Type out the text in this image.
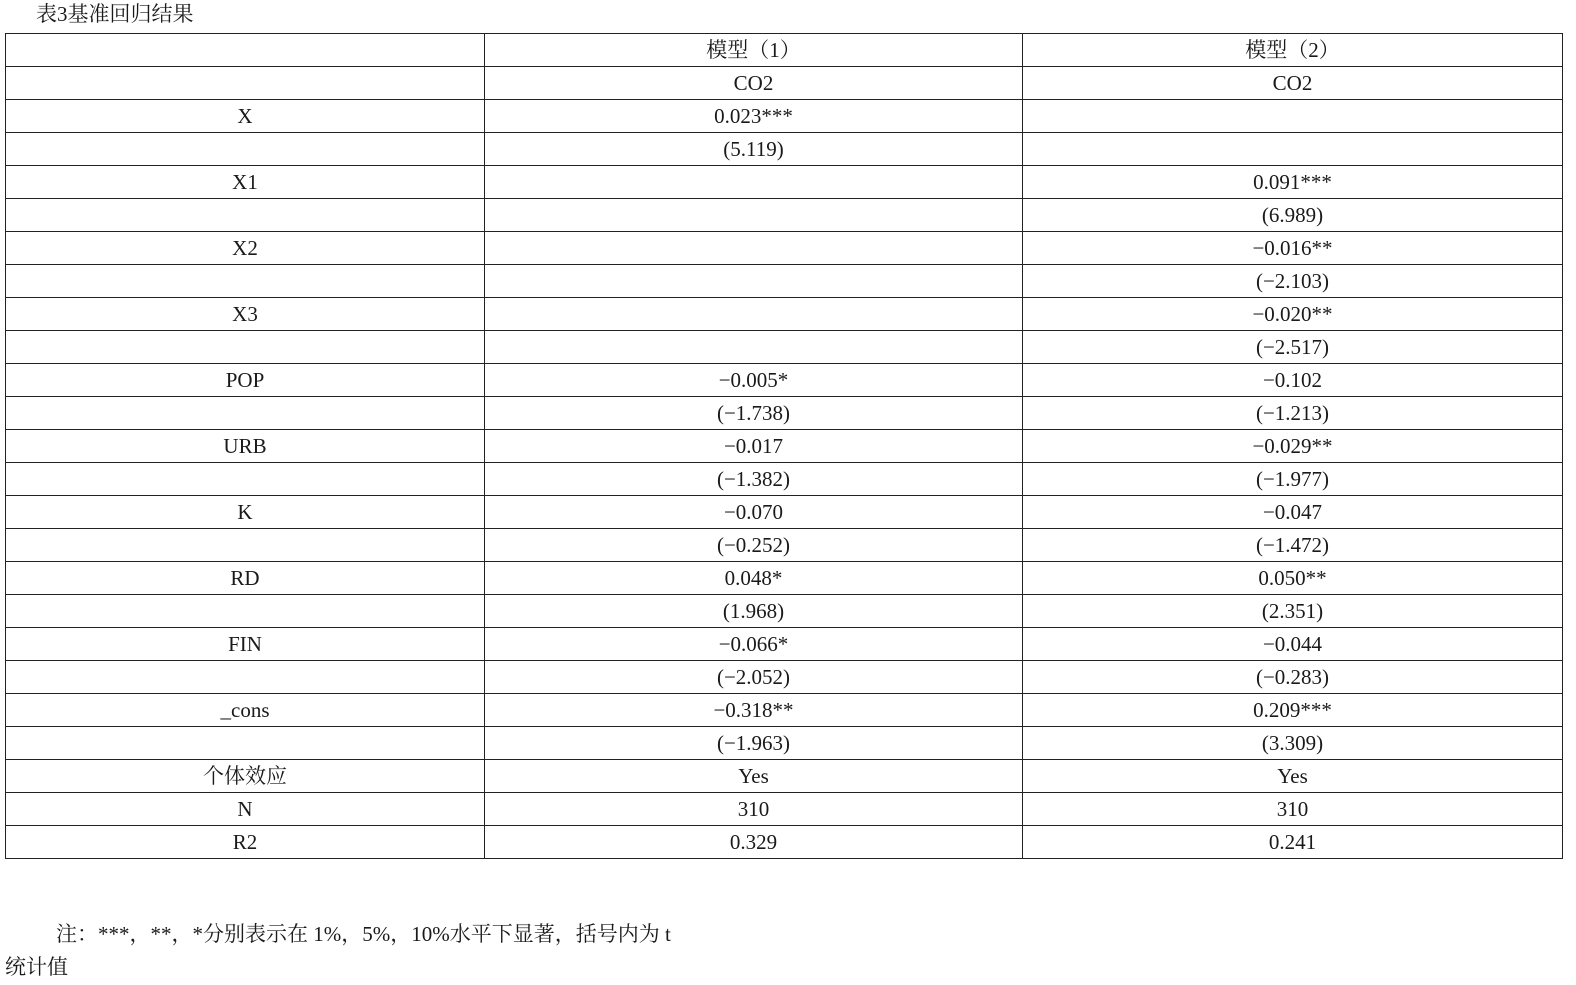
表3基准回归结果
	模型（1）	模型（2）
	CO2	CO2
X	0.023***	
	(5.119)	
X1		0.091***
		(6.989)
X2		−0.016**
		(−2.103)
X3		−0.020**
		(−2.517)
POP	−0.005*	−0.102
	(−1.738)	(−1.213)
URB	−0.017	−0.029**
	(−1.382)	(−1.977)
K	−0.070	−0.047
	(−0.252)	(−1.472)
RD	0.048*	0.050**
	(1.968)	(2.351)
FIN	−0.066*	−0.044
	(−2.052)	(−0.283)
_cons	−0.318**	0.209***
	(−1.963)	(3.309)
个体效应	Yes	Yes
N	310	310
R2	0.329	0.241
注：***，**，*分别表示在 1%，5%，10%水平下显著，括号内为 t
统计值
